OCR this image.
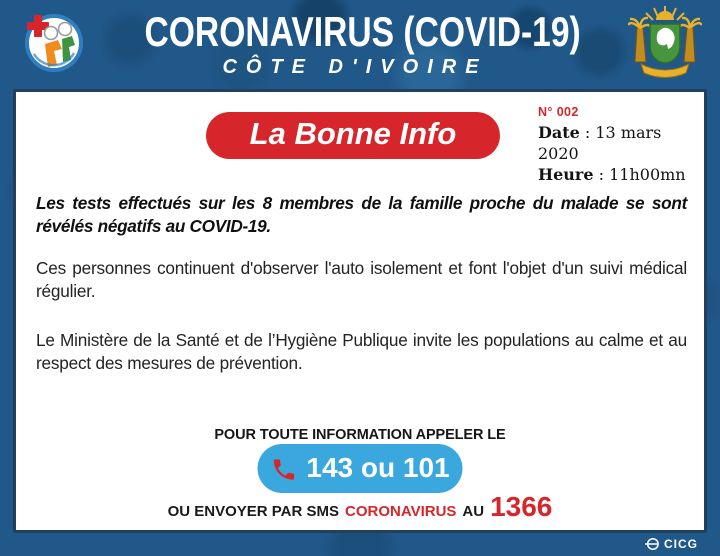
CORONAVIRUS (COVID-19)
CÔTE D'IVOIRE
La Bonne Info
N° 002
Date : 13 mars 2020
Heure : 11h00mn

Les tests effectués sur les 8 membres de la famille proche du malade se sont révélés négatifs au COVID-19.

Ces personnes continuent d'observer l'auto isolement et font l'objet d'un suivi médical régulier.

Le Ministère de la Santé et de l’Hygiène Publique invite les populations au calme et au respect des mesures de prévention.

POUR TOUTE INFORMATION APPELER LE
143 ou 101
OU ENVOYER PAR SMS CORONAVIRUS AU 1366
CICG
